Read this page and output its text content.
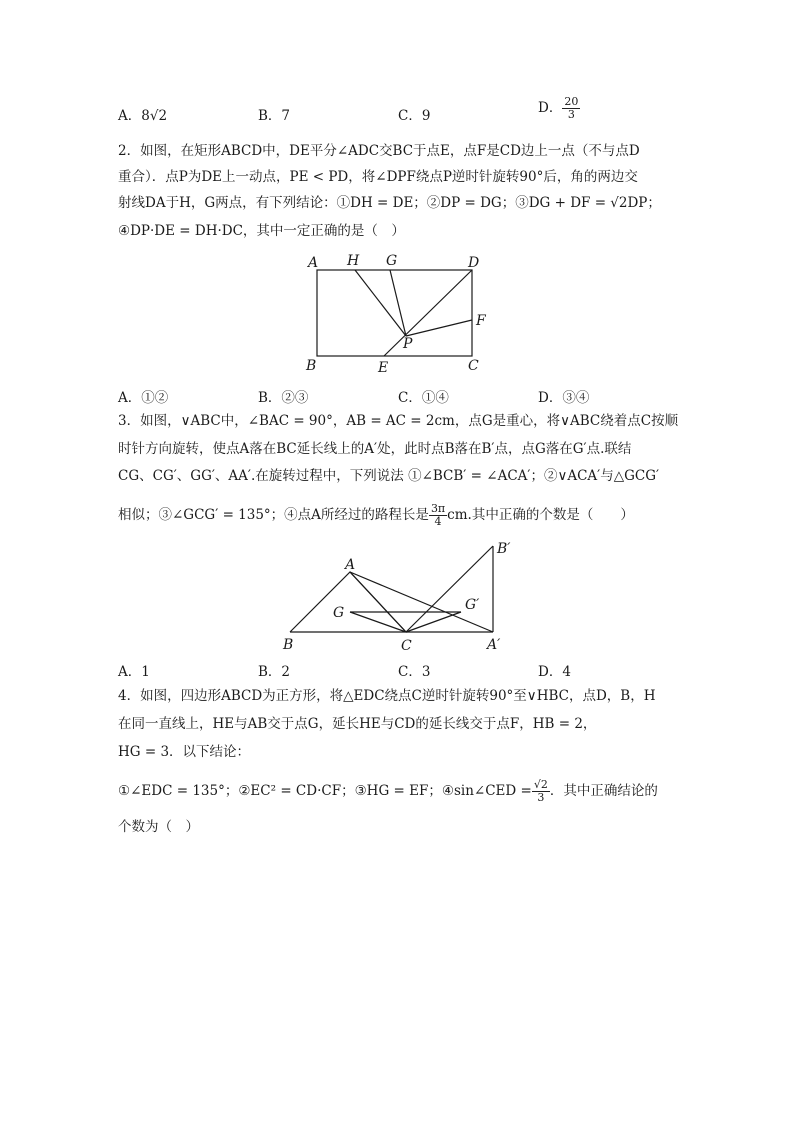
A．8√2	B．7	C．9	D． $\frac{20}{3}$
2．如图，在矩形ABCD中，DE平分∠ADC交BC于点E，点F是CD边上一点（不与点D
重合）．点P为DE上一动点，PE < PD，将∠DPF绕点P逆时针旋转90°后，角的两边交
射线DA于H，G两点，有下列结论：①DH = DE；②DP = DG；③DG + DF = √2DP；
④DP·DE = DH·DC，其中一定正确的是（　）
A H G	D
F
P
B	E	C
A．①②	B．②③	C．①④	D．③④
3．如图，∨ABC中，∠BAC = 90°，AB = AC = 2cm，点G是重心，将∨ABC绕着点C按顺
时针方向旋转，使点A落在BC延长线上的A′处，此时点B落在B′点，点G落在G′点.联结
CG、CG′、GG′、AA′.在旋转过程中，下列说法 ①∠BCB′ = ∠ACA′；②∨ACA′与△GCG′
相似；③∠GCG′ = 135°；④点A所经过的路程长是 $\frac{3\pi}{4}$ cm.其中正确的个数是（　　）
A
B	C
G	G′
A′
B′
A．1	B．2	C．3	D．4
4．如图，四边形ABCD为正方形，将△EDC绕点C逆时针旋转90°至∨HBC，点D，B，H
在同一直线上，HE与AB交于点G，延长HE与CD的延长线交于点F，HB = 2，
HG = 3．以下结论：
①∠EDC = 135°；②EC² = CD·CF；③HG = EF；④sin∠CED = $\frac{√2}{3}$ ．其中正确结论的
个数为（　）
